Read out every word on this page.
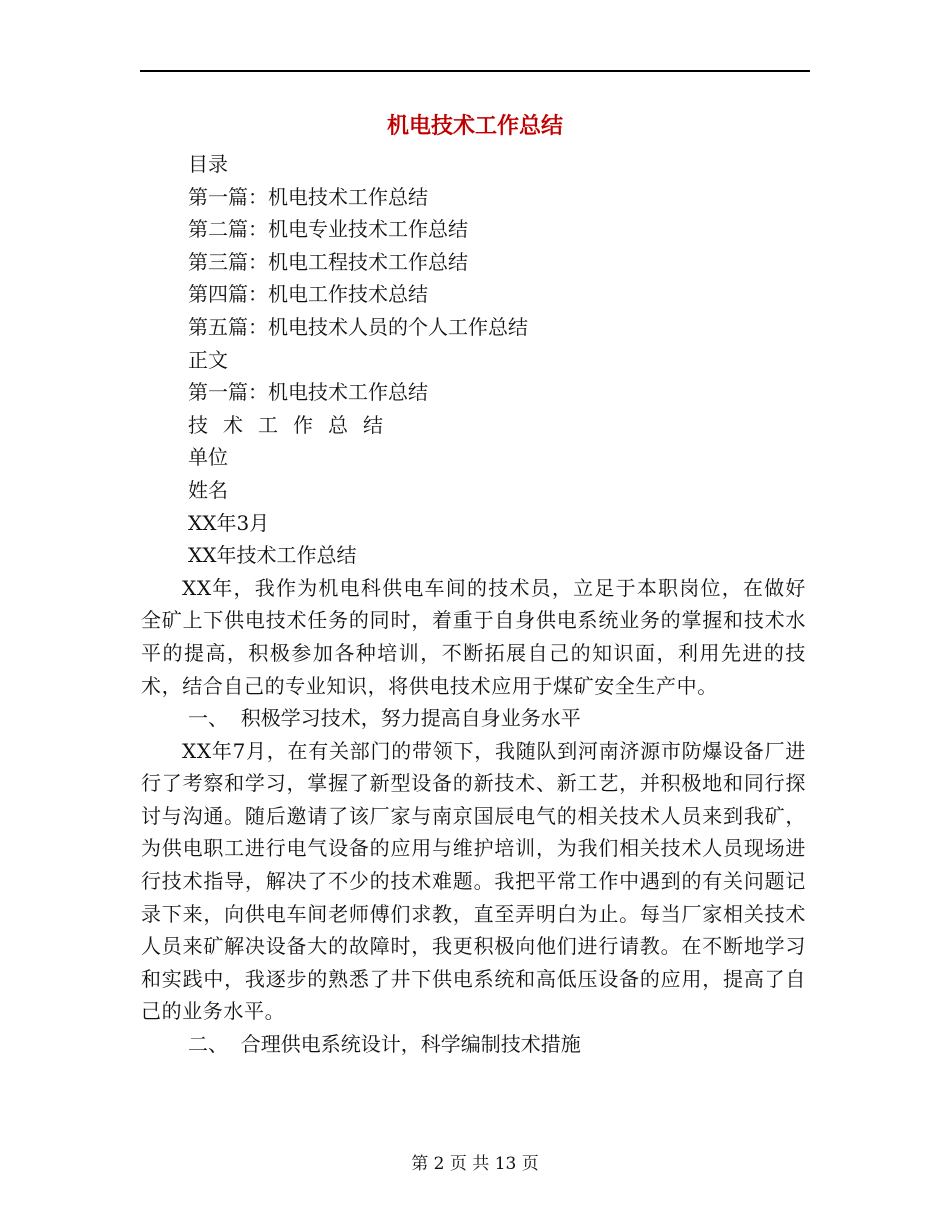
机电技术工作总结
目录
第一篇：机电技术工作总结
第二篇：机电专业技术工作总结
第三篇：机电工程技术工作总结
第四篇：机电工作技术总结
第五篇：机电技术人员的个人工作总结
正文
第一篇：机电技术工作总结
技术工作总结
单位
姓名
XX年3月
XX年技术工作总结

XX年，我作为机电科供电车间的技术员，立足于本职岗位，在做好全矿上下供电技术任务的同时，着重于自身供电系统业务的掌握和技术水平的提高，积极参加各种培训，不断拓展自己的知识面，利用先进的技术，结合自己的专业知识，将供电技术应用于煤矿安全生产中。

一、  积极学习技术，努力提高自身业务水平

XX年7月，在有关部门的带领下，我随队到河南济源市防爆设备厂进行了考察和学习，掌握了新型设备的新技术、新工艺，并积极地和同行探讨与沟通。随后邀请了该厂家与南京国辰电气的相关技术人员来到我矿，为供电职工进行电气设备的应用与维护培训，为我们相关技术人员现场进行技术指导，解决了不少的技术难题。我把平常工作中遇到的有关问题记录下来，向供电车间老师傅们求教，直至弄明白为止。每当厂家相关技术人员来矿解决设备大的故障时，我更积极向他们进行请教。在不断地学习和实践中，我逐步的熟悉了井下供电系统和高低压设备的应用，提高了自己的业务水平。

二、  合理供电系统设计，科学编制技术措施
第 2 页 共 13 页
